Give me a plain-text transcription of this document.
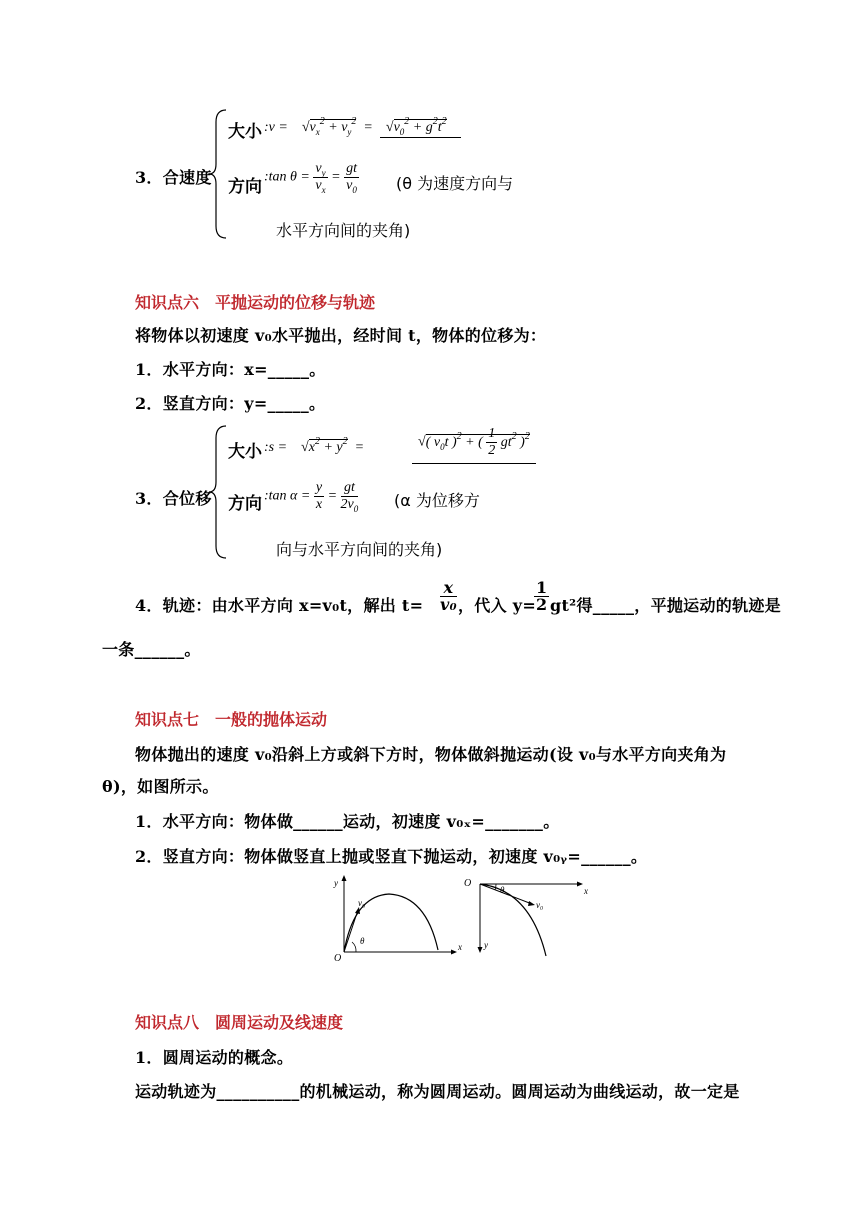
3．合速度
大小 :v =    $√v_x^2 + v_y^2 = √v_0^2 + g^2t^2$
方向 :tan $\theta = \frac{v_y}{v_x} = \frac{gt}{v_0} (\theta$ 为速度方向与
水平方向间的夹角)
知识点六　平抛运动的位移与轨迹
将物体以初速度 v₀水平抛出，经时间 t，物体的位移为：
1．水平方向：x=_____。
2．竖直方向：y=_____。
3．合位移
大小 :s =    $√x^2 + y^2$  =	√( $v_0t$ )$^2$ + ( $\frac{1}{2} gt^2$ )$^2$
方向 :tan $\alpha = \frac{y}{x} = \frac{gt}{2v_0} (\alpha$ 为位移方
向与水平方向间的夹角)
4．轨迹：由水平方向 x=v₀t，解出 $t= \frac{x}{\text{v₀}}$ ，代入 y=
$\frac{1}{2} gt^2$得_____，平抛运动的轨迹是
一条______。
知识点七　一般的抛体运动
物体抛出的速度 v₀沿斜上方或斜下方时，物体做斜抛运动(设 v₀与水平方向夹角为
θ)，如图所示。
1．水平方向：物体做______运动，初速度 v₀ₓ=_______。
2．竖直方向：物体做竖直上抛或竖直下抛运动，初速度 v₀ᵧ=______。
y
x
O
v₀
θ
O
θ	x
v₀
y
知识点八　圆周运动及线速度
1．圆周运动的概念。
运动轨迹为__________的机械运动，称为圆周运动。圆周运动为曲线运动，故一定是
